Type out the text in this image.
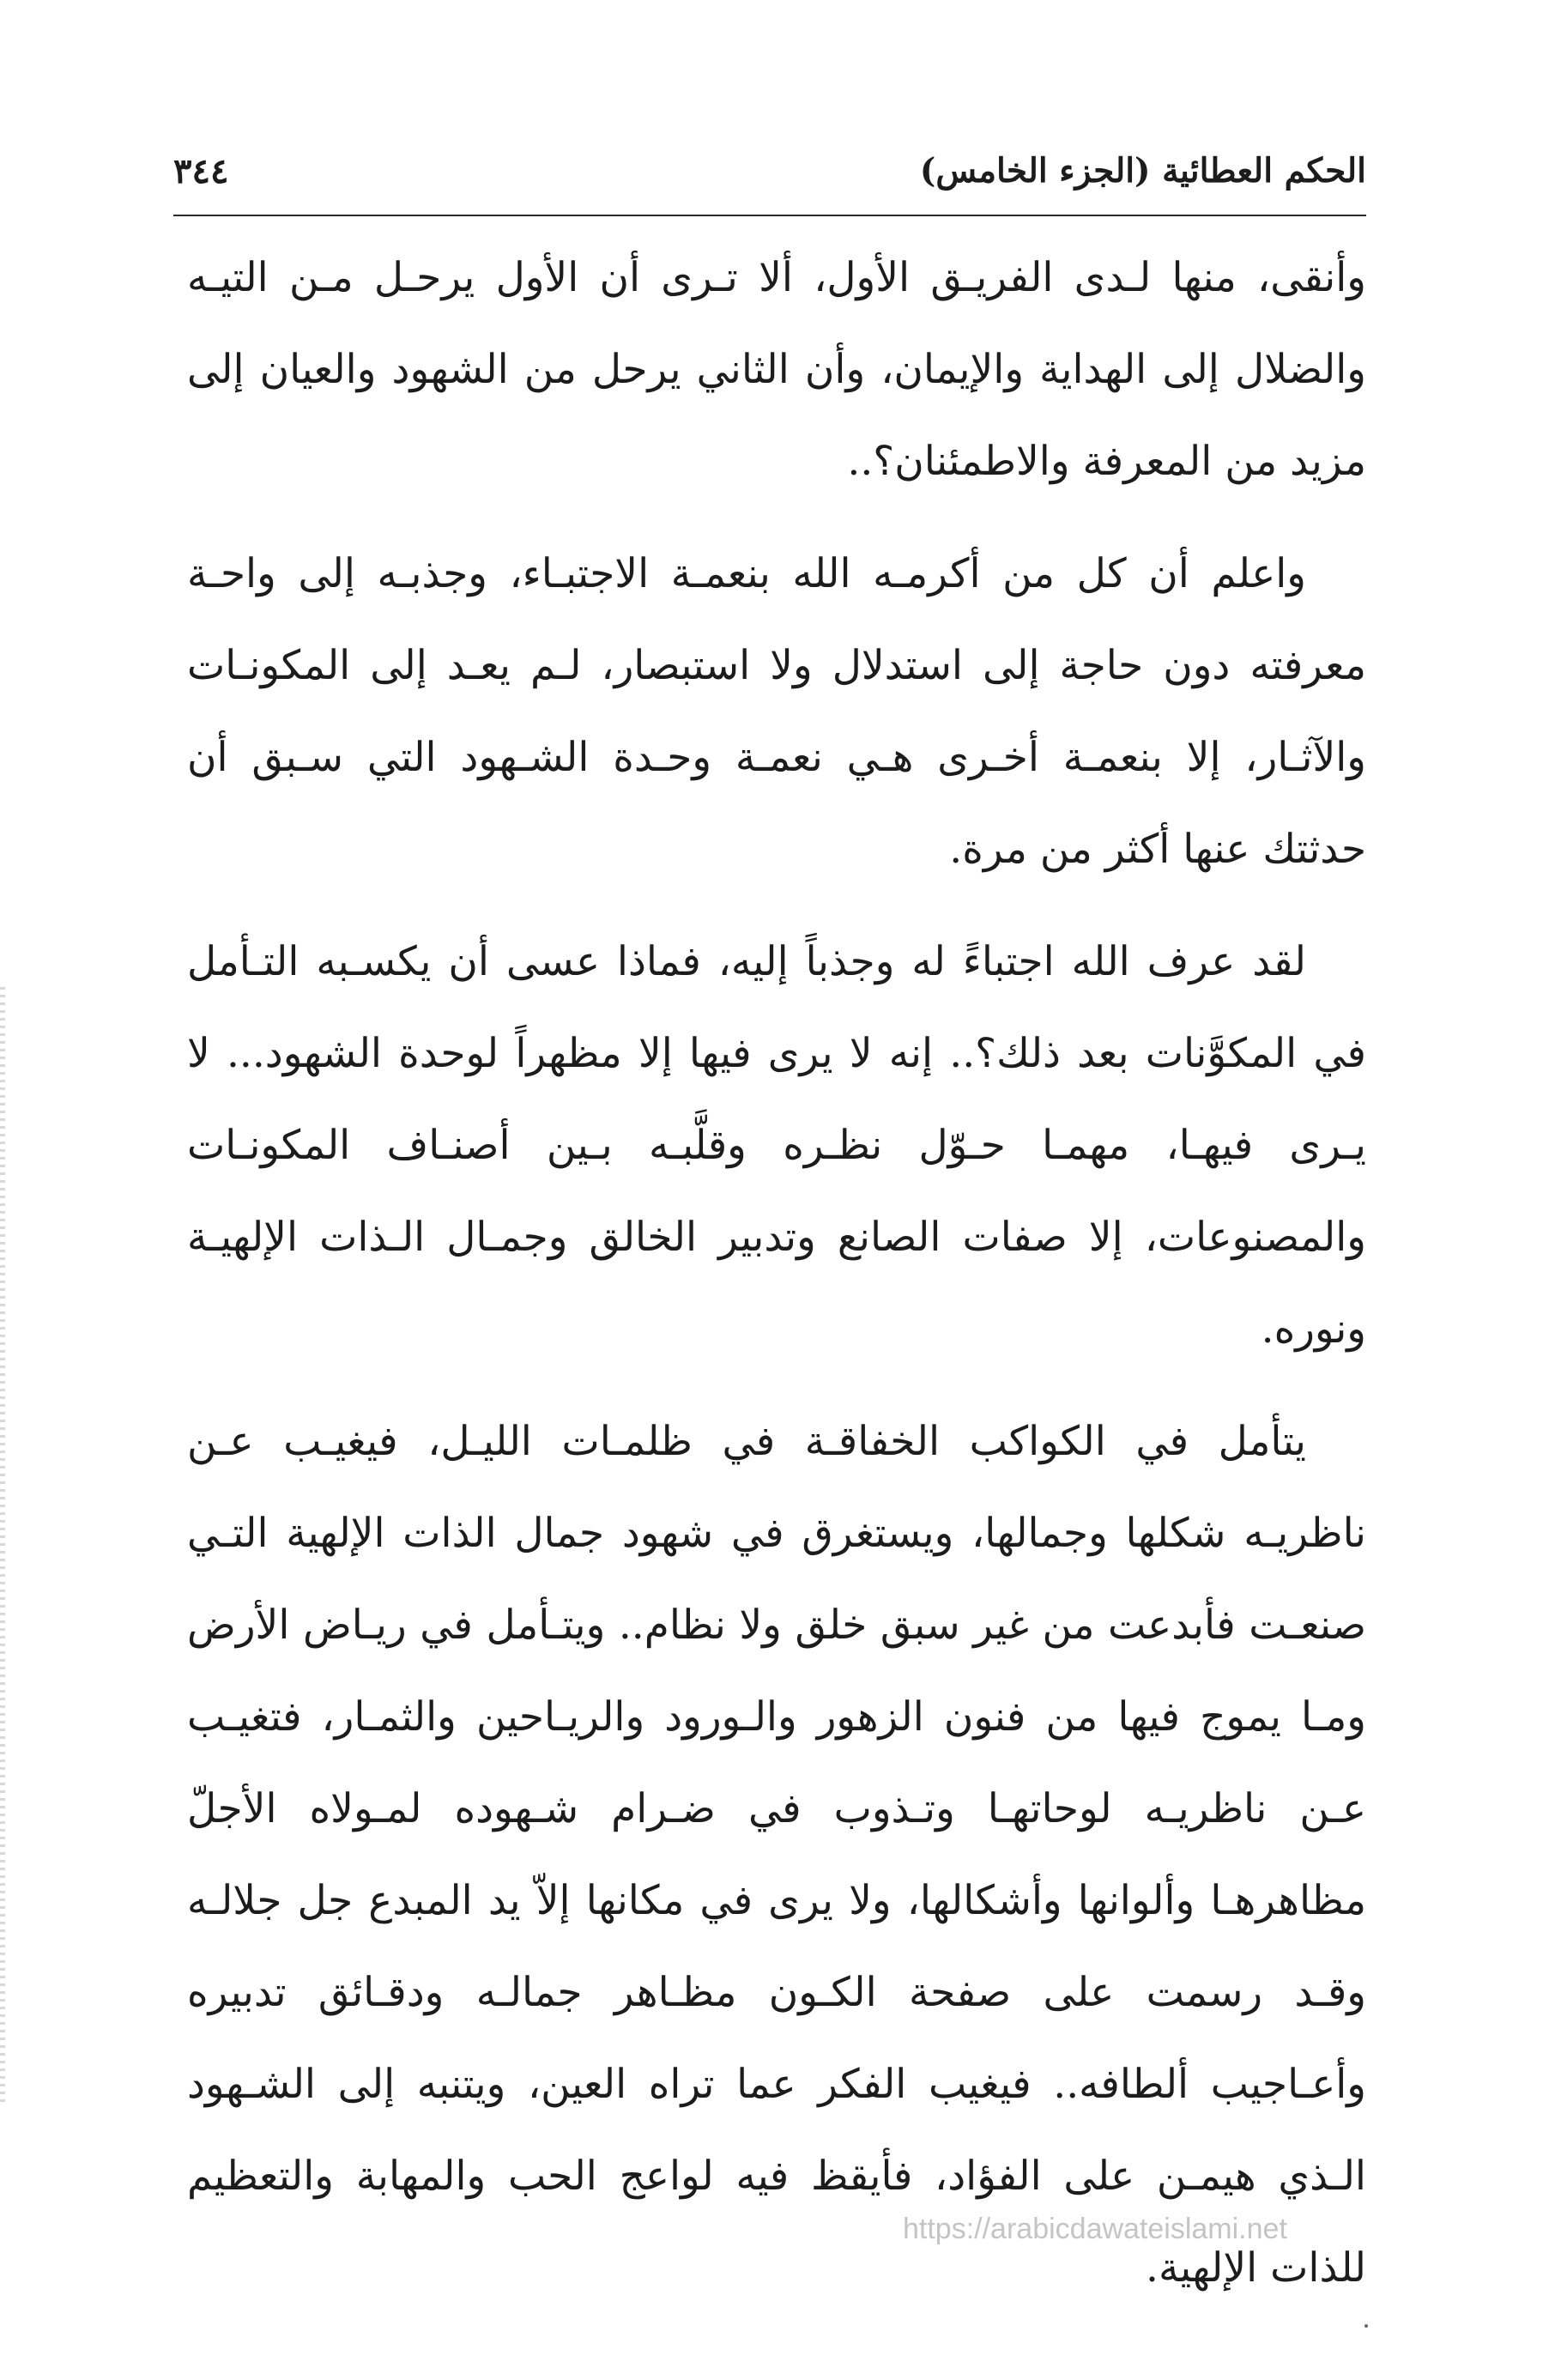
الحكم العطائية (الجزء الخامس)
٣٤٤

وأنقى، منها لـدى الفريـق الأول، ألا تـرى أن الأول يرحـل مـن التيـه والضلال إلى الهداية والإيمان، وأن الثاني يرحل من الشهود والعيان إلى مزيد من المعرفة والاطمئنان؟..

واعلم أن كل من أكرمـه الله بنعمـة الاجتبـاء، وجذبـه إلى واحـة معرفته دون حاجة إلى استدلال ولا استبصار، لـم يعـد إلى المكونـات والآثـار، إلا بنعمـة أخـرى هـي نعمـة وحـدة الشـهود التي سـبق أن حدثتك عنها أكثر من مرة.

لقد عرف الله اجتباءً له وجذباً إليه، فماذا عسى أن يكسـبه التـأمل في المكوَّنات بعد ذلك؟.. إنه لا يرى فيها إلا مظهراً لوحدة الشهود... لا يـرى فيهـا، مهمـا حـوّل نظـره وقلَّبـه بـين أصنـاف المكونـات والمصنوعات، إلا صفات الصانع وتدبير الخالق وجمـال الـذات الإلهيـة ونوره.

يتأمل في الكواكب الخفاقـة في ظلمـات الليـل، فيغيـب عـن ناظريـه شكلها وجمالها، ويستغرق في شهود جمال الذات الإلهية التـي صنعـت فأبدعت من غير سبق خلق ولا نظام.. ويتـأمل في ريـاض الأرض ومـا يموج فيها من فنون الزهور والـورود والريـاحين والثمـار، فتغيـب عـن ناظريـه لوحاتهـا وتـذوب في ضـرام شـهوده لمـولاه الأجلّ مظاهرهـا وألوانها وأشكالها، ولا يرى في مكانها إلاّ يد المبدع جل جلالـه وقـد رسمت على صفحة الكـون مظـاهر جمالـه ودقـائق تدبيره وأعـاجيب ألطافه.. فيغيب الفكر عما تراه العين، ويتنبه إلى الشـهود الـذي هيمـن على الفؤاد، فأيقظ فيه لواعج الحب والمهابة والتعظيم للذات الإلهية.

https://arabicdawateislami.net
